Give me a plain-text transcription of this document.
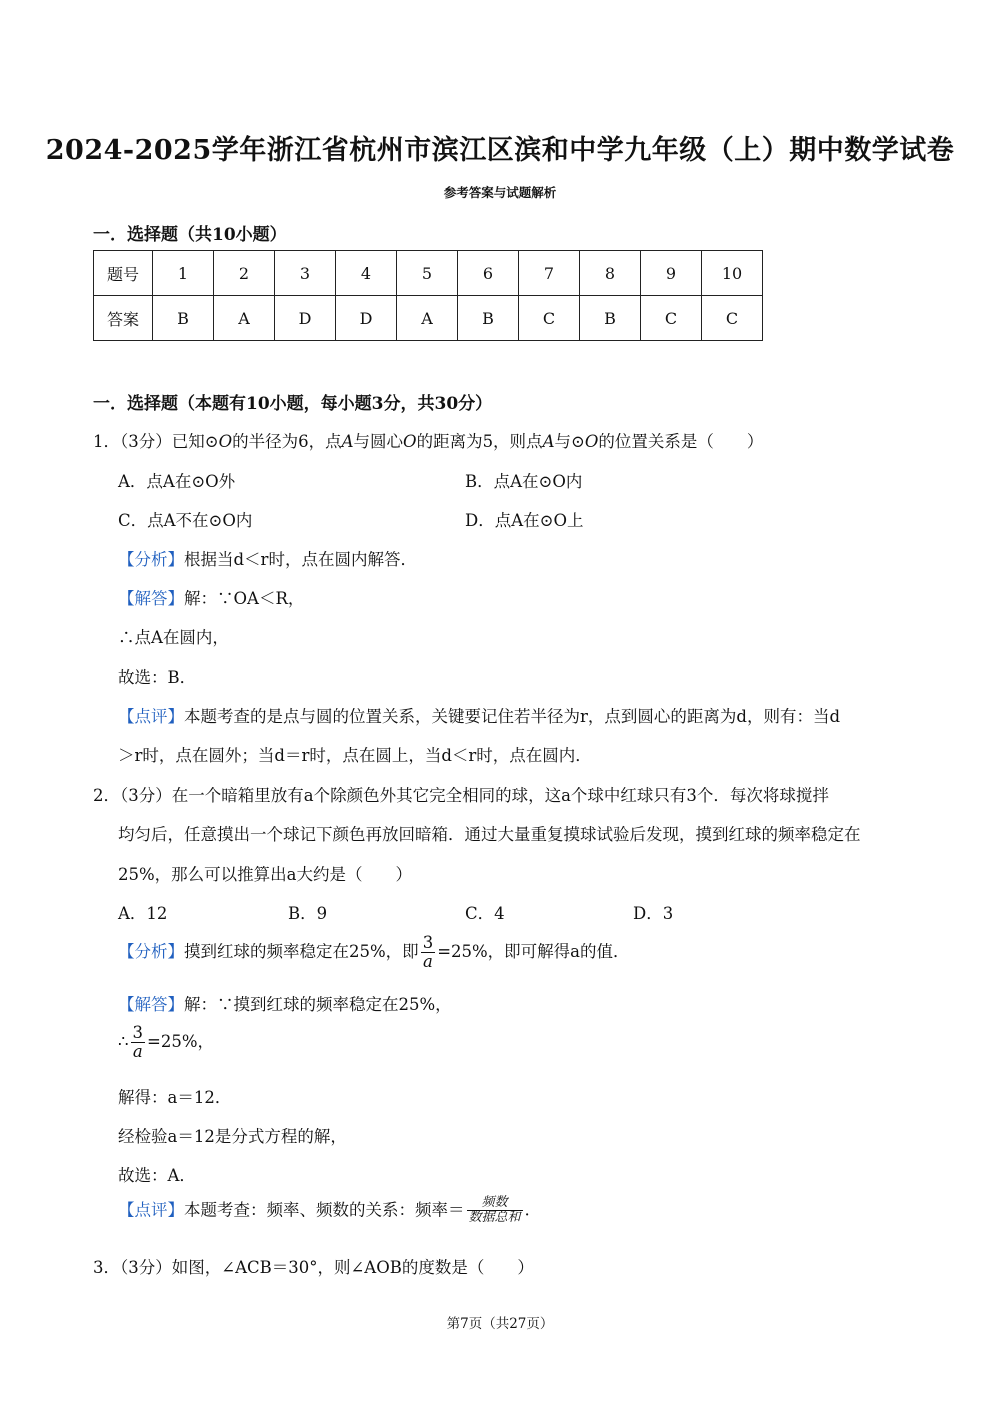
2024-2025学年浙江省杭州市滨江区滨和中学九年级（上）期中数学试卷
参考答案与试题解析
一．选择题（共10小题）
题号	1	2	3	4	5	6	7	8	9	10
答案	B	A	D	D	A	B	C	B	C	C
一．选择题（本题有10小题，每小题3分，共30分）
1．（3分）已知⊙O的半径为6，点A与圆心O的距离为5，则点A与⊙O的位置关系是（　　）
A．点A在⊙O外	B．点A在⊙O内
C．点A不在⊙O内	D．点A在⊙O上
【分析】根据当d＜r时，点在圆内解答．
【解答】解：∵OA＜R，
∴点A在圆内，
故选：B．
【点评】本题考查的是点与圆的位置关系，关键要记住若半径为r，点到圆心的距离为d，则有：当d
＞r时，点在圆外；当d＝r时，点在圆上，当d＜r时，点在圆内．
2．（3分）在一个暗箱里放有a个除颜色外其它完全相同的球，这a个球中红球只有3个．每次将球搅拌
均匀后，任意摸出一个球记下颜色再放回暗箱．通过大量重复摸球试验后发现，摸到红球的频率稳定在
25%，那么可以推算出a大约是（　　）
A．12	B．9	C．4	D．3
【分析】摸到红球的频率稳定在25%，即 $\frac{3}{a} =25\%$，即可解得a的值．
【解答】解：∵摸到红球的频率稳定在25%，
∴ $\frac{3}{a} =25\%$，
解得：a＝12．
经检验a＝12是分式方程的解，
故选：A．
【点评】本题考查：频率、频数的关系：频率＝ $\frac{\text{频数}}{\text{数据总和}}$ .
3．（3分）如图，∠ACB＝30°，则∠AOB的度数是（　　）
第7页（共27页）
